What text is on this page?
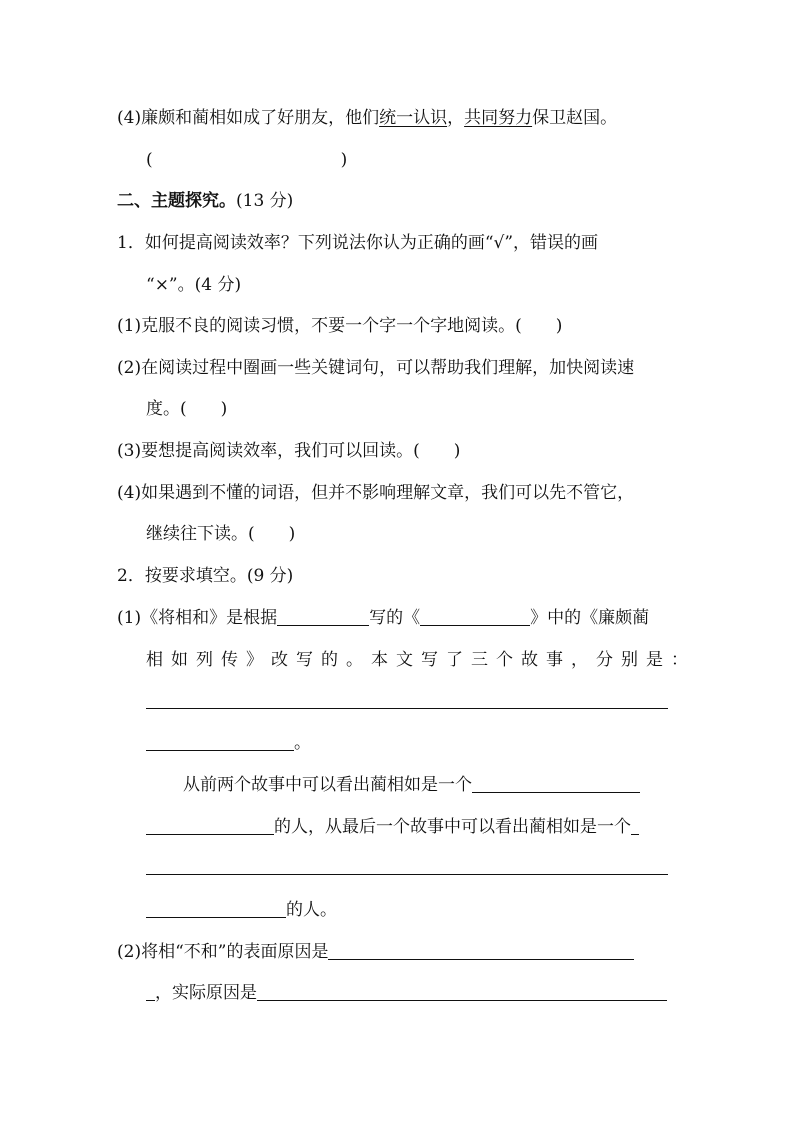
(4)廉颇和蔺相如成了好朋友，他们统一认识，共同努力保卫赵国。
(	)
二、主题探究。(13 分)
1．如何提高阅读效率？下列说法你认为正确的画“√”，错误的画
“×”。(4 分)
(1)克服不良的阅读习惯，不要一个字一个字地阅读。(　　)
(2)在阅读过程中圈画一些关键词句，可以帮助我们理解，加快阅读速
度。(　　)
(3)要想提高阅读效率，我们可以回读。(　　)
(4)如果遇到不懂的词语，但并不影响理解文章，我们可以先不管它，
继续往下读。(　　)
2．按要求填空。(9 分)
(1)《将相和》是根据	写的《	》中的《廉颇蔺
相如列传》改写的。本文写了三个故事，分别是：
。
从前两个故事中可以看出蔺相如是一个
的人，从最后一个故事中可以看出蔺相如是一个
的人。
(2)将相“不和”的表面原因是
，实际原因是
